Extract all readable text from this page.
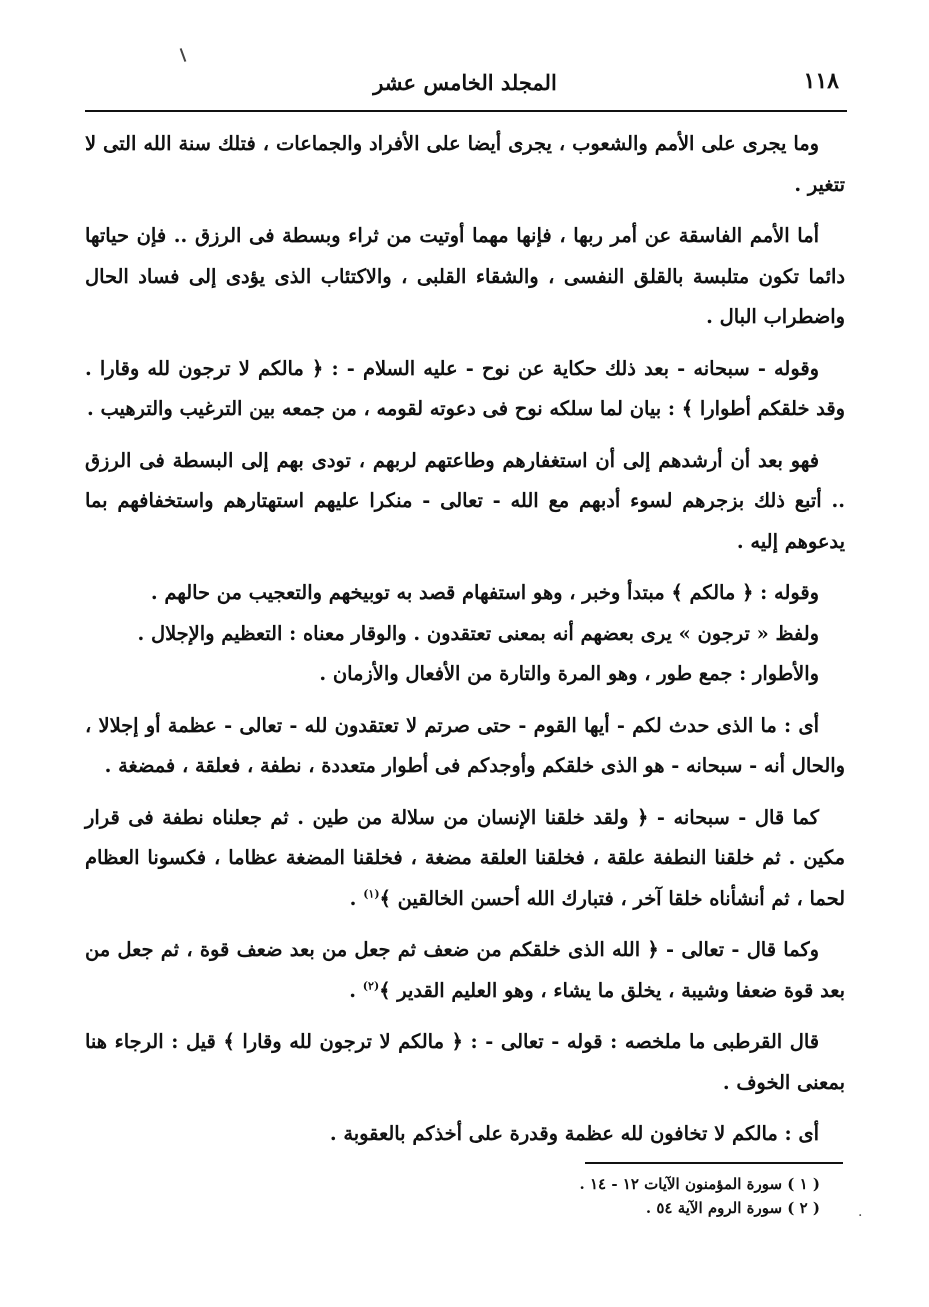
١١٨
المجلد الخامس عشر

وما يجرى على الأمم والشعوب ، يجرى أيضا على الأفراد والجماعات ، فتلك سنة الله التى لا تتغير .

أما الأمم الفاسقة عن أمر ربها ، فإنها مهما أوتيت من ثراء وبسطة فى الرزق .. فإن حياتها دائما تكون متلبسة بالقلق النفسى ، والشقاء القلبى ، والاكتئاب الذى يؤدى إلى فساد الحال واضطراب البال .

وقوله - سبحانه - بعد ذلك حكاية عن نوح - عليه السلام - : ﴿ مالكم لا ترجون لله وقارا . وقد خلقكم أطوارا ﴾ : بيان لما سلكه نوح فى دعوته لقومه ، من جمعه بين الترغيب والترهيب .

فهو بعد أن أرشدهم إلى أن استغفارهم وطاعتهم لربهم ، تودى بهم إلى البسطة فى الرزق .. أتبع ذلك بزجرهم لسوء أدبهم مع الله - تعالى - منكرا عليهم استهتارهم واستخفافهم بما يدعوهم إليه .

وقوله : ﴿ مالكم ﴾ مبتدأ وخبر ، وهو استفهام قصد به توبيخهم والتعجيب من حالهم .

ولفظ « ترجون » يرى بعضهم أنه بمعنى تعتقدون . والوقار معناه : التعظيم والإجلال .

والأطوار : جمع طور ، وهو المرة والتارة من الأفعال والأزمان .

أى : ما الذى حدث لكم - أيها القوم - حتى صرتم لا تعتقدون لله - تعالى - عظمة أو إجلالا ، والحال أنه - سبحانه - هو الذى خلقكم وأوجدكم فى أطوار متعددة ، نطفة ، فعلقة ، فمضغة .

كما قال - سبحانه - ﴿ ولقد خلقنا الإنسان من سلالة من طين . ثم جعلناه نطفة فى قرار مكين . ثم خلقنا النطفة علقة ، فخلقنا العلقة مضغة ، فخلقنا المضغة عظاما ، فكسونا العظام لحما ، ثم أنشأناه خلقا آخر ، فتبارك الله أحسن الخالقين ﴾$^{(١)}$ .

وكما قال - تعالى - ﴿ الله الذى خلقكم من ضعف ثم جعل من بعد ضعف قوة ، ثم جعل من بعد قوة ضعفا وشيبة ، يخلق ما يشاء ، وهو العليم القدير ﴾$^{(٢)}$ .

قال القرطبى ما ملخصه : قوله - تعالى - : ﴿ مالكم لا ترجون لله وقارا ﴾ قيل : الرجاء هنا بمعنى الخوف .

أى : مالكم لا تخافون لله عظمة وقدرة على أخذكم بالعقوبة .

( ١ ) سورة المؤمنون الآيات ١٢ - ١٤ .

( ٢ ) سورة الروم الآية ٥٤ .	·
